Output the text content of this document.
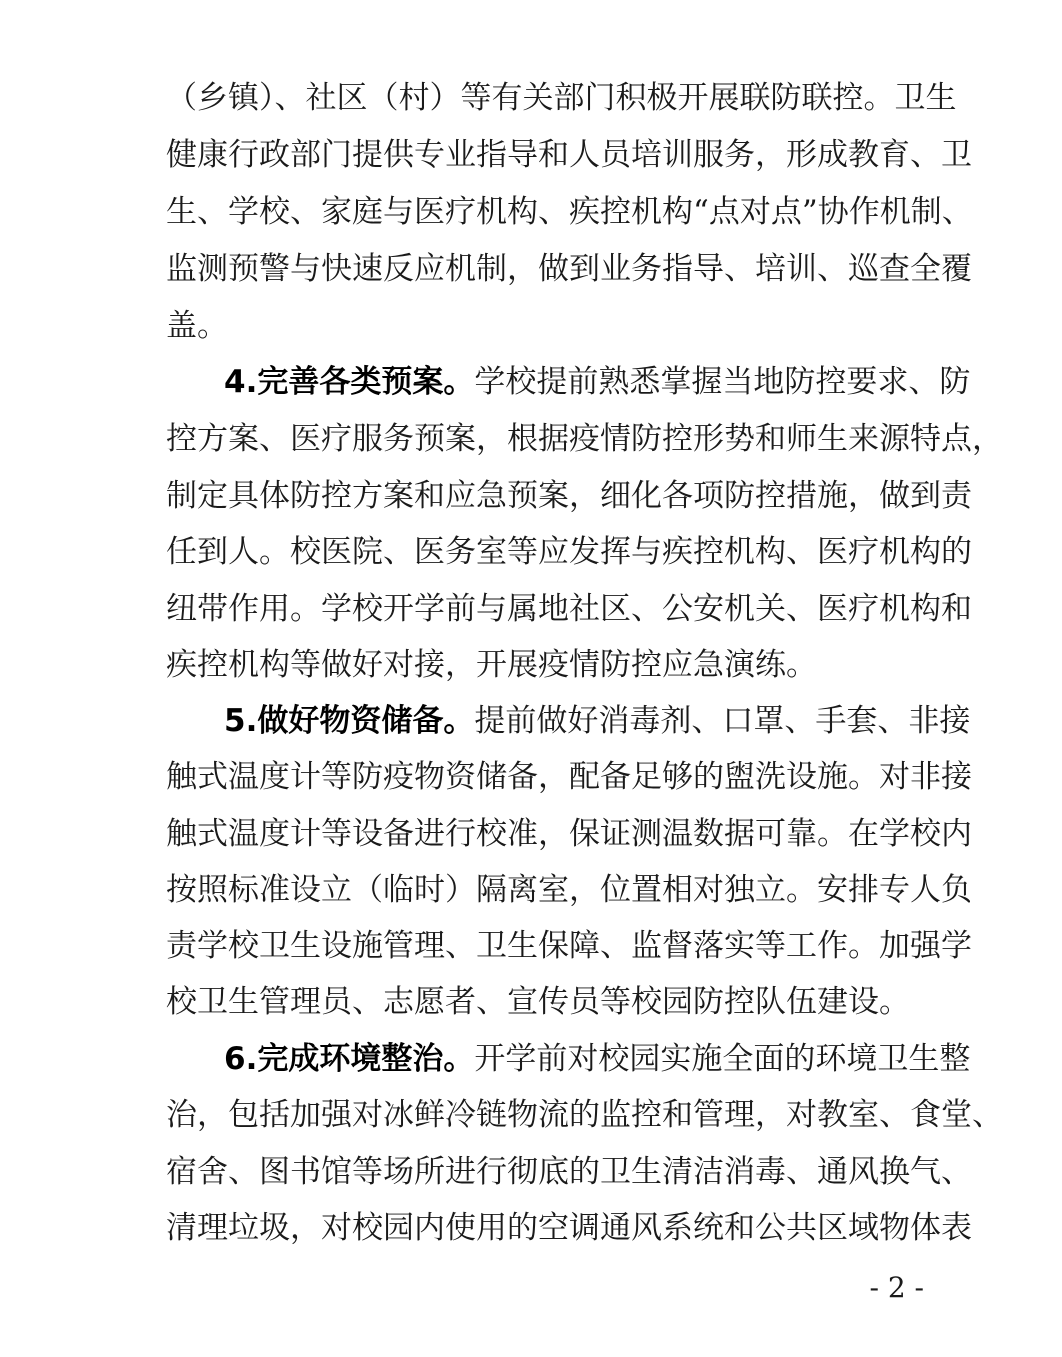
（乡镇）、社区（村）等有关部门积极开展联防联控。卫生
健康行政部门提供专业指导和人员培训服务，形成教育、卫
生、学校、家庭与医疗机构、疾控机构“点对点”协作机制、
监测预警与快速反应机制，做到业务指导、培训、巡查全覆
盖。
4.完善各类预案。学校提前熟悉掌握当地防控要求、防
控方案、医疗服务预案，根据疫情防控形势和师生来源特点，
制定具体防控方案和应急预案，细化各项防控措施，做到责
任到人。校医院、医务室等应发挥与疾控机构、医疗机构的
纽带作用。学校开学前与属地社区、公安机关、医疗机构和
疾控机构等做好对接，开展疫情防控应急演练。
5.做好物资储备。提前做好消毒剂、口罩、手套、非接
触式温度计等防疫物资储备，配备足够的盥洗设施。对非接
触式温度计等设备进行校准，保证测温数据可靠。在学校内
按照标准设立（临时）隔离室，位置相对独立。安排专人负
责学校卫生设施管理、卫生保障、监督落实等工作。加强学
校卫生管理员、志愿者、宣传员等校园防控队伍建设。
6.完成环境整治。开学前对校园实施全面的环境卫生整
治，包括加强对冰鲜冷链物流的监控和管理，对教室、食堂、
宿舍、图书馆等场所进行彻底的卫生清洁消毒、通风换气、
清理垃圾，对校园内使用的空调通风系统和公共区域物体表
- 2 -
